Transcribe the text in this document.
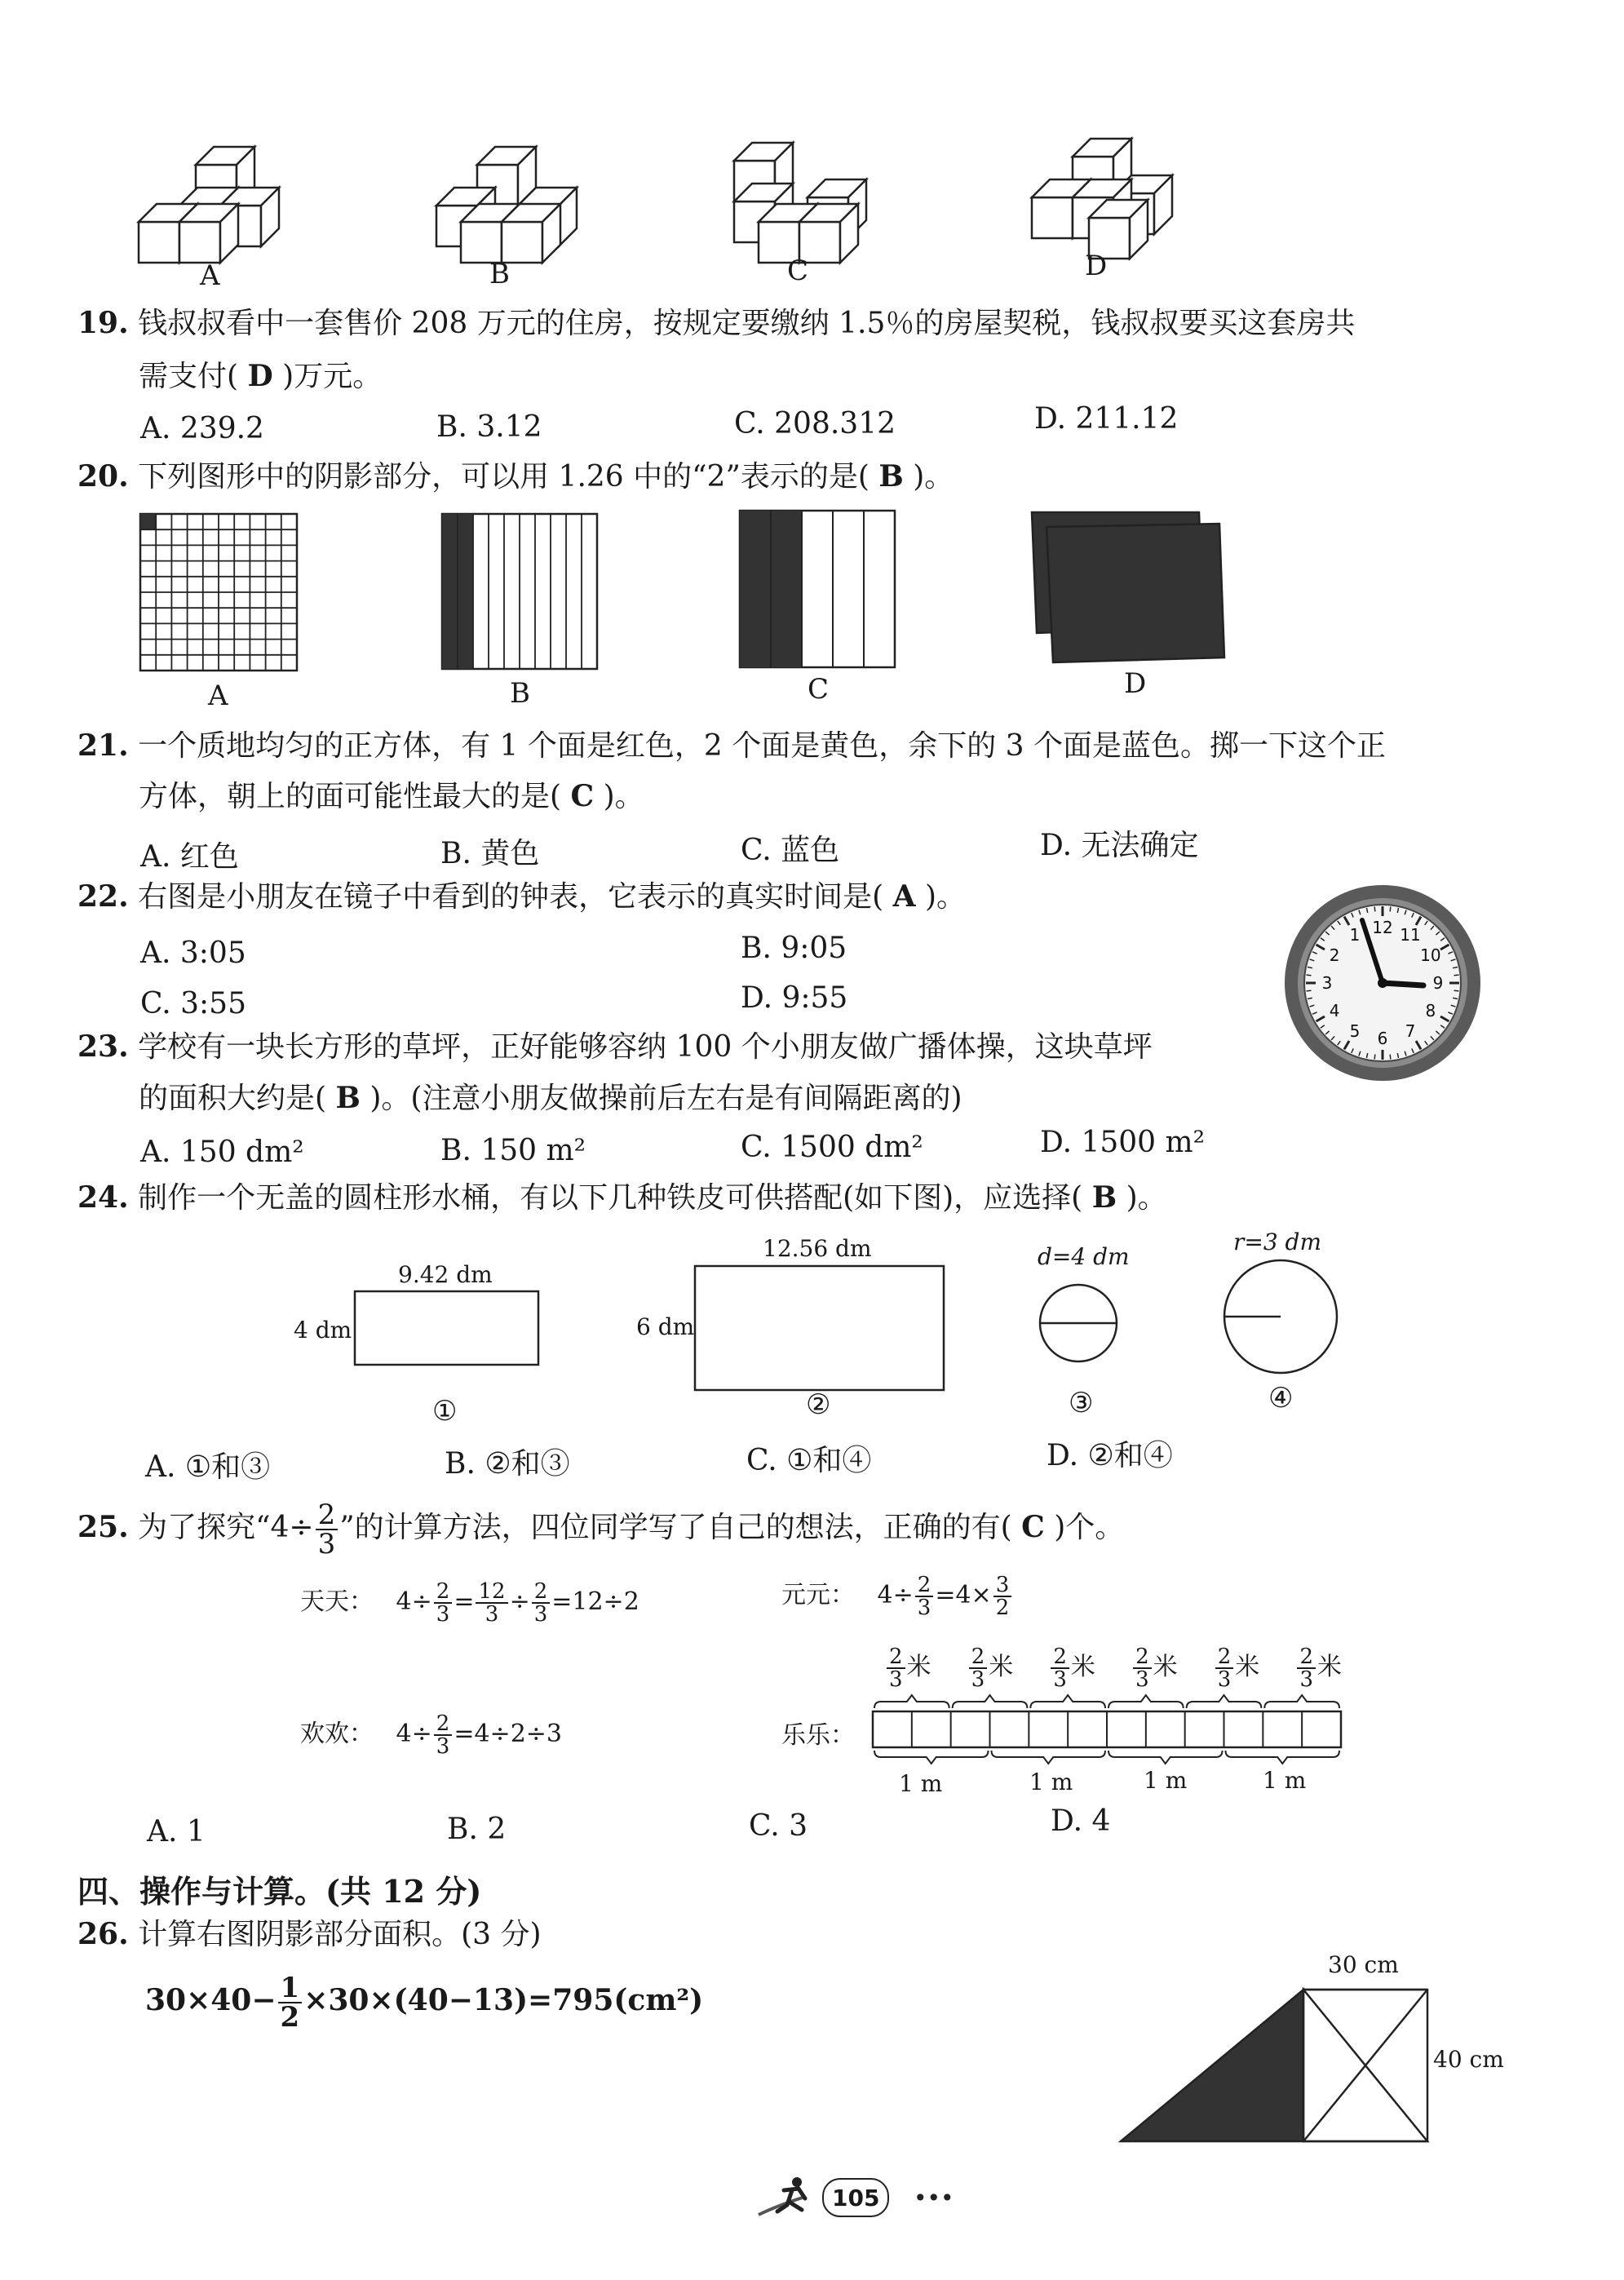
A	B	C	D
19. 钱叔叔看中一套售价 208 万元的住房，按规定要缴纳 1.5％的房屋契税，钱叔叔要买这套房共
需支付( D )万元。
A. 239.2	B. 3.12	C. 208.312	D. 211.12
20. 下列图形中的阴影部分，可以用 1.26 中的“2”表示的是( B )。
A	B	C	D
21. 一个质地均匀的正方体，有 1 个面是红色，2 个面是黄色，余下的 3 个面是蓝色。掷一下这个正
方体，朝上的面可能性最大的是( C )。
A. 红色	B. 黄色	C. 蓝色	D. 无法确定
22. 右图是小朋友在镜子中看到的钟表，它表示的真实时间是( A )。
A. 3:05	B. 9:05
C. 3:55	D. 9:55
12 11
10
9
8
7
6
5
4
3
2
1
23. 学校有一块长方形的草坪，正好能够容纳 100 个小朋友做广播体操，这块草坪
的面积大约是( B )。(注意小朋友做操前后左右是有间隔距离的)
A. 150 dm²	B. 150 m²	C. 1500 dm²	D. 1500 m²
24. 制作一个无盖的圆柱形水桶，有以下几种铁皮可供搭配(如下图)，应选择( B )。
9.42 dm
4 dm
12.56 dm
6 dm
d=4 dm
r=3 dm
①	②	③	④
A. ①和③	B. ②和③	C. ①和④	D. ②和④
25. 为了探究“$4\div \frac{2}{3}$ ”的计算方法，四位同学写了自己的想法，正确的有( C )个。
天天： $4\div \frac{2}{3} = \frac{12}{3} \div \frac{2}{3} =12\div 2$	元元： $4\div \frac{2}{3} =4\times \frac{3}{2}$
欢欢： $4\div \frac{2}{3} =4\div 2\div 3$	乐乐：
$\frac{2}{3}$ 米 $\frac{2}{3}$ 米 $\frac{2}{3}$ 米 $\frac{2}{3}$ 米 $\frac{2}{3}$ 米 $\frac{2}{3}$ 米
1 m	1 m	1 m	1 m
A. 1	B. 2	C. 3	D. 4
四、操作与计算。(共 12 分)
26. 计算右图阴影部分面积。(3 分)
$30\times 40- \frac{1}{2} \times 30\times(40-13)=795(cm^2)$
30 cm
40 cm
105	•••
